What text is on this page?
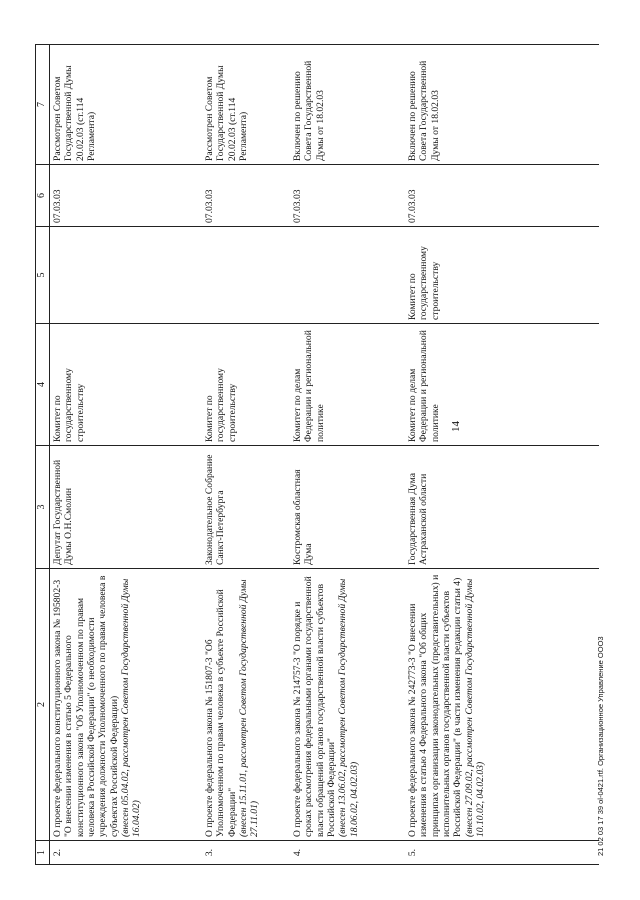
14
1	2	3	4	5	6	7
2.	О проекте федерального конституционного закона № 195802-3 "О внесении изменения в статью 5 Федерального конституционного закона "Об Уполномоченном по правам человека в Российской Федерации" (о необходимости учреждения должности Уполномоченного по правам человека в субъектах Российской Федерации) (внесен 05.04.02, рассмотрен Советом Государственной Думы 16.04.02)	Депутат Государственной Думы О.Н.Смолин	Комитет по государственному строительству		07.03.03	Рассмотрен Советом Государственной Думы 20.02.03 (ст.114 Регламента)
3.	О проекте федерального закона № 151807-3 "Об Уполномоченном по правам человека в субъекте Российской Федерации" (внесен 15.11.01, рассмотрен Советом Государственной Думы 27.11.01)	Законодательное Собрание Санкт-Петербурга	Комитет по государственному строительству		07.03.03	Рассмотрен Советом Государственной Думы 20.02.03 (ст.114 Регламента)
4.	О проекте федерального закона № 214757-3 "О порядке и сроках рассмотрения федеральными органами государственной власти обращений органов государственной власти субъектов Российской Федерации" (внесен 13.06.02, рассмотрен Советом Государственной Думы 18.06.02, 04.02.03)	Костромская областная Дума	Комитет по делам Федерации и региональной политике		07.03.03	Включен по решению Совета Государственной Думы от 18.02.03
5.	О проекте федерального закона № 242773-3 "О внесении изменения в статью 4 Федерального закона "Об общих принципах организации законодательных (представительных) и исполнительных органов государственной власти субъектов Российской Федерации" (в части изменения редакции статьи 4) (внесен 27.09.02, рассмотрен Советом Государственной Думы 10.10.02, 04.02.03)	Государственная Дума Астраханской области	Комитет по делам Федерации и региональной политике	Комитет по государственному строительству	07.03.03	Включен по решению Совета Государственной Думы от 18.02.03
21 02 03 17 39 ol-0421.rtf. Организационное Управление ООО3
